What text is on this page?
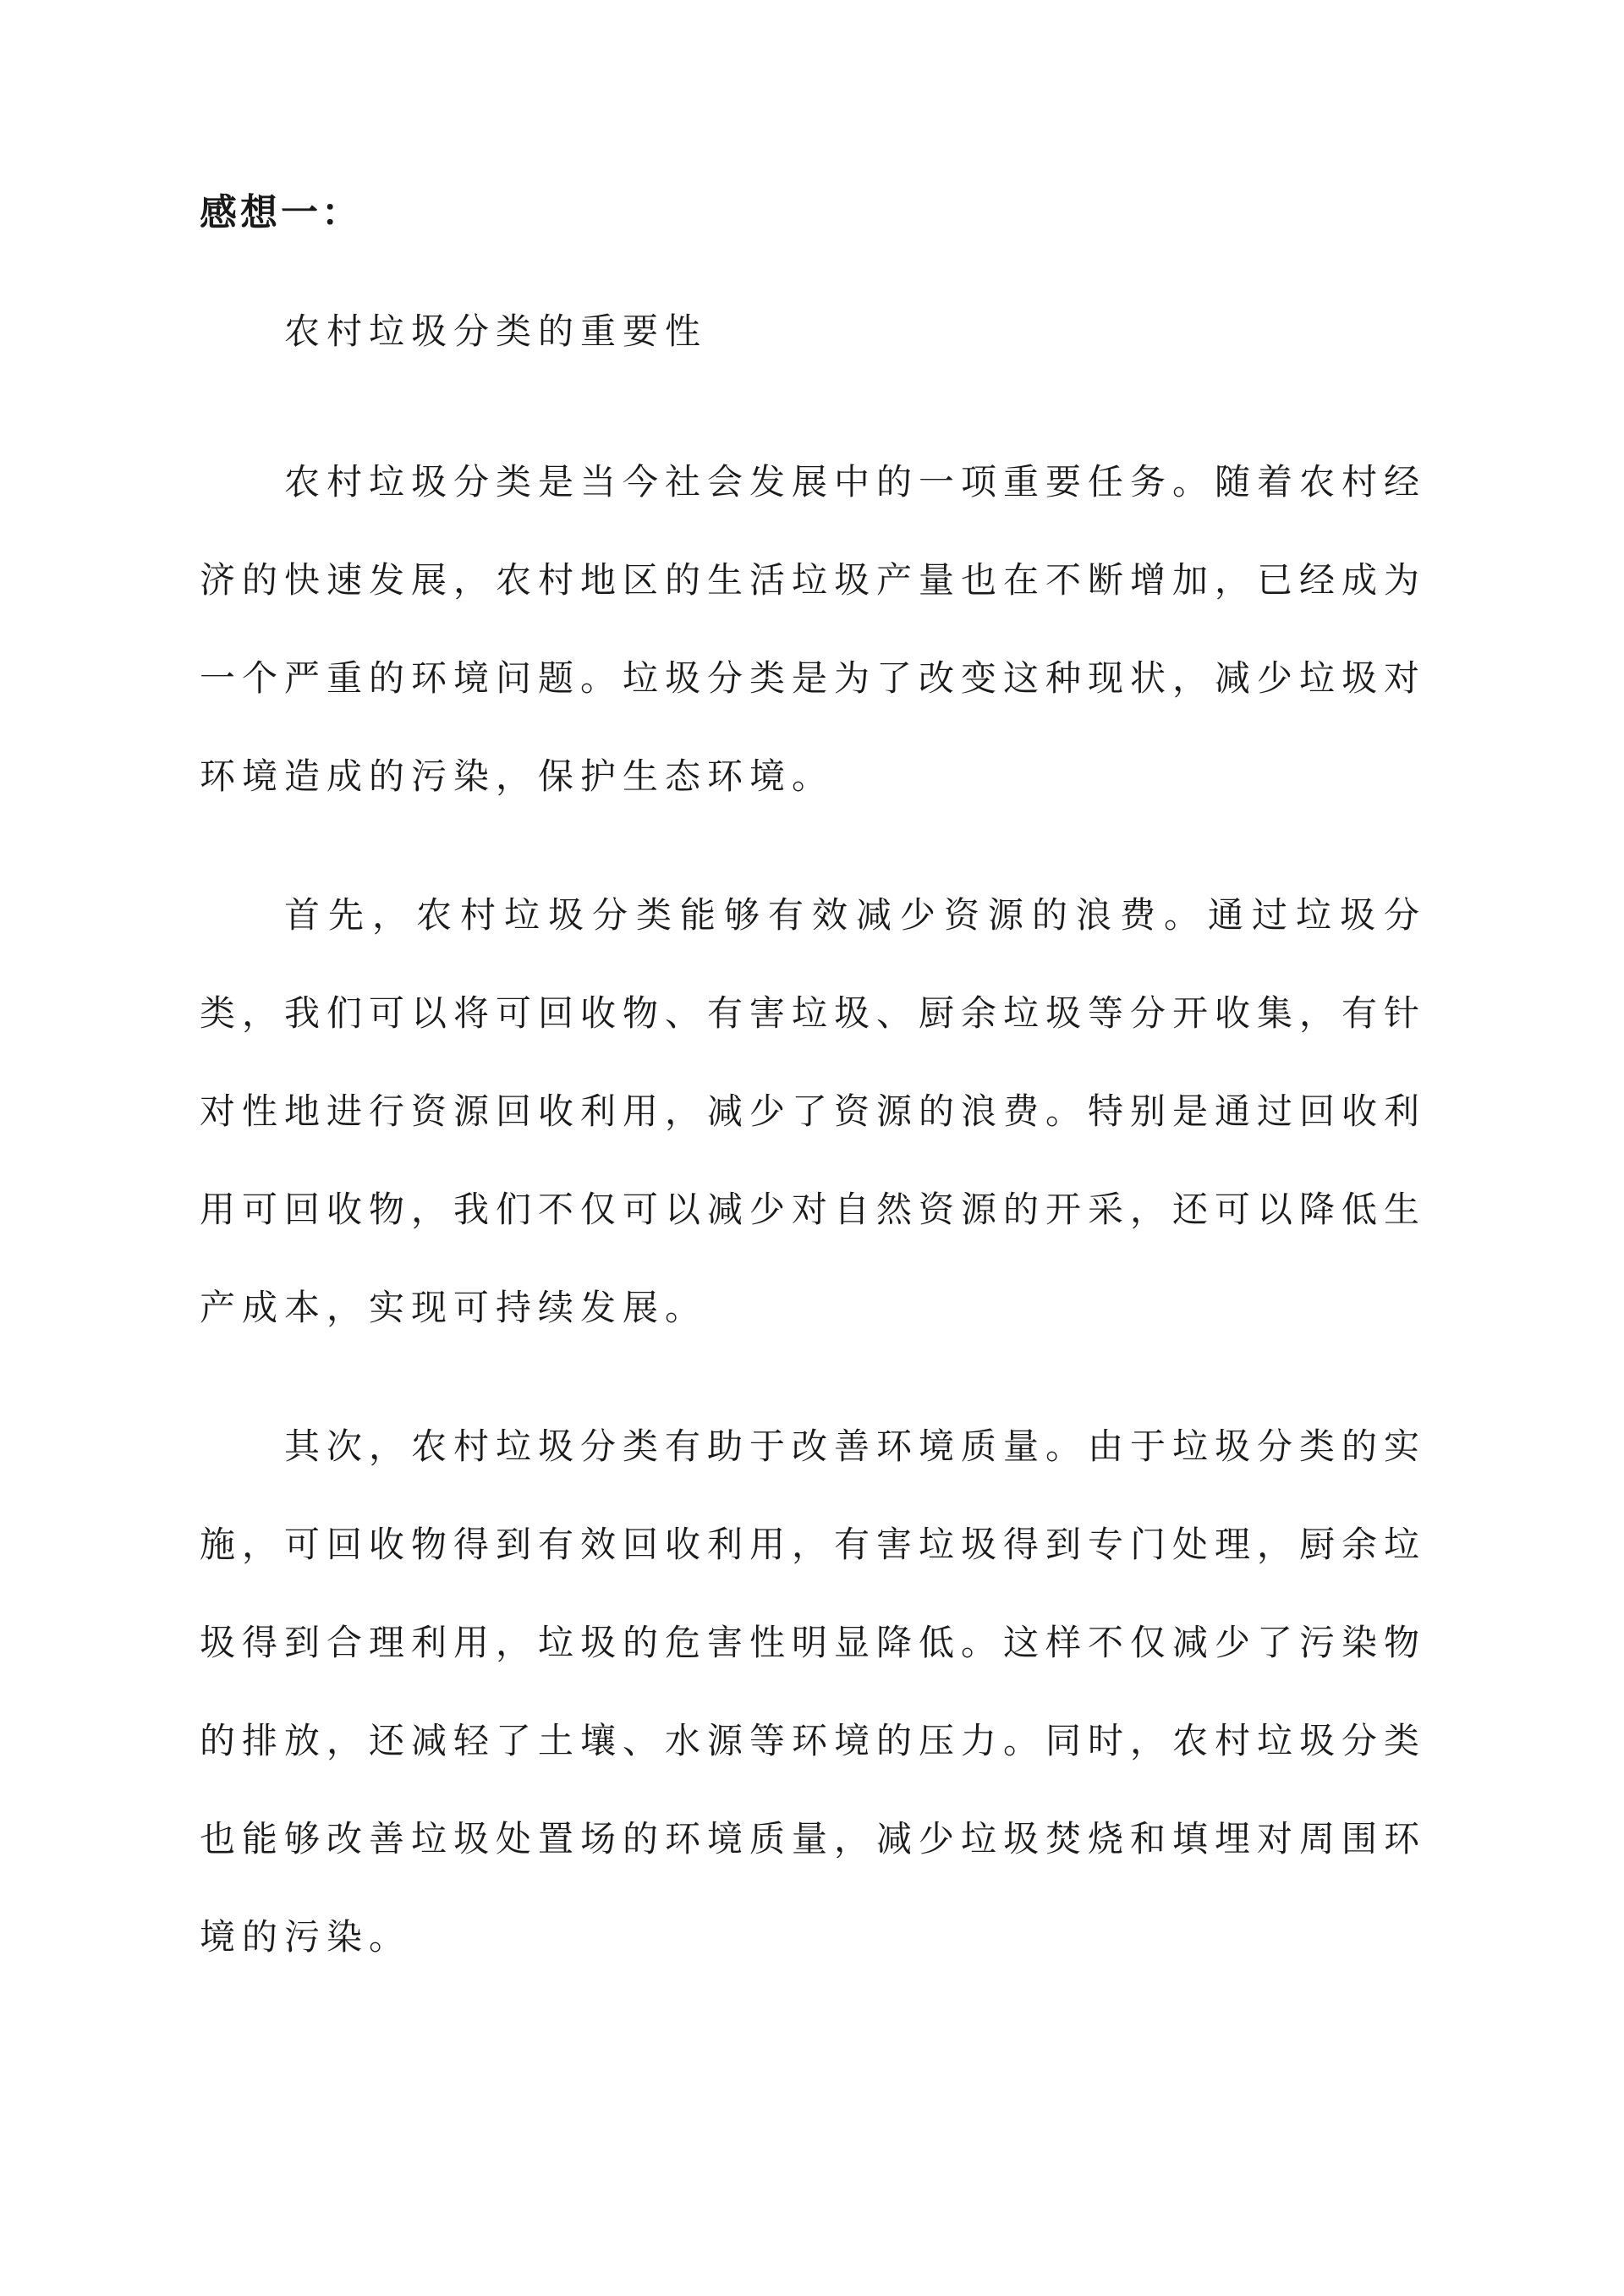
感想一：
农村垃圾分类的重要性

农村垃圾分类是当今社会发展中的一项重要任务。随着农村经济的快速发展，农村地区的生活垃圾产量也在不断增加，已经成为一个严重的环境问题。垃圾分类是为了改变这种现状，减少垃圾对环境造成的污染，保护生态环境。

首先，农村垃圾分类能够有效减少资源的浪费。通过垃圾分类，我们可以将可回收物、有害垃圾、厨余垃圾等分开收集，有针对性地进行资源回收利用，减少了资源的浪费。特别是通过回收利用可回收物，我们不仅可以减少对自然资源的开采，还可以降低生产成本，实现可持续发展。

其次，农村垃圾分类有助于改善环境质量。由于垃圾分类的实施，可回收物得到有效回收利用，有害垃圾得到专门处理，厨余垃圾得到合理利用，垃圾的危害性明显降低。这样不仅减少了污染物的排放，还减轻了土壤、水源等环境的压力。同时，农村垃圾分类也能够改善垃圾处置场的环境质量，减少垃圾焚烧和填埋对周围环境的污染。
